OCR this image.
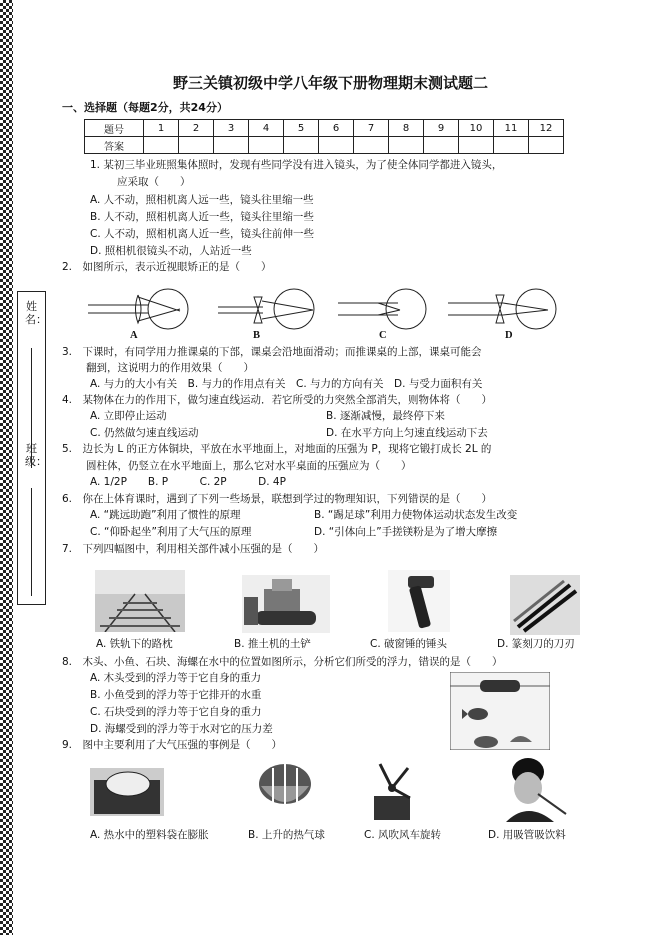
姓名：
班级：
野三关镇初级中学八年级下册物理期末测试题二
一、选择题（每题2分，共24分）
题号	1	2	3	4	5	6	7	8	9	10	11	12
答案												
1. 某初三毕业班照集体照时，发现有些同学没有进入镜头，为了使全体同学都进入镜头，
应采取（　　）
A. 人不动，照相机离人远一些，镜头往里缩一些
B. 人不动，照相机离人近一些，镜头往里缩一些
C. 人不动，照相机离人近一些，镜头往前伸一些
D. 照相机很镜头不动，人站近一些
2.　如图所示，表示近视眼矫正的是（　　）
A	B	C	D
3.　下课时，有同学用力推课桌的下部，课桌会沿地面滑动；而推课桌的上部，课桌可能会
翻到，这说明力的作用效果（　　）
A. 与力的大小有关　B. 与力的作用点有关　C. 与力的方向有关　D. 与受力面积有关
4.　某物体在力的作用下，做匀速直线运动．若它所受的力突然全部消失，则物体将（　　）
A. 立即停止运动	B. 逐渐减慢，最终停下来
C. 仍然做匀速直线运动	D. 在水平方向上匀速直线运动下去
5.　边长为 L 的正方体铜块，平放在水平地面上，对地面的压强为 P，现将它锻打成长 2L 的
圆柱体，仍竖立在水平地面上，那么它对水平桌面的压强应为（　　）
A. 1/2P　　B. P　　　C. 2P　　　D. 4P
6.　你在上体育课时，遇到了下列一些场景，联想到学过的物理知识，下列错误的是（　　）
A. “跳远助跑”利用了惯性的原理	B. “踢足球”利用力使物体运动状态发生改变
C. “仰卧起坐”利用了大气压的原理	D. “引体向上”手搓镁粉是为了增大摩擦
7.　下列四幅图中，利用相关部件减小压强的是（　　）
A. 铁轨下的路枕	B. 推土机的土铲	C. 破窗锤的锤头	D. 篆刻刀的刀刃
8.　木头、小鱼、石块、海螺在水中的位置如图所示，分析它们所受的浮力，错误的是（　　）
A. 木头受到的浮力等于它自身的重力
B. 小鱼受到的浮力等于它排开的水重
C. 石块受到的浮力等于它自身的重力
D. 海螺受到的浮力等于水对它的压力差
9.　图中主要利用了大气压强的事例是（　　）
A. 热水中的塑料袋在膨胀	B. 上升的热气球	C. 风吹风车旋转	D. 用吸管吸饮料
